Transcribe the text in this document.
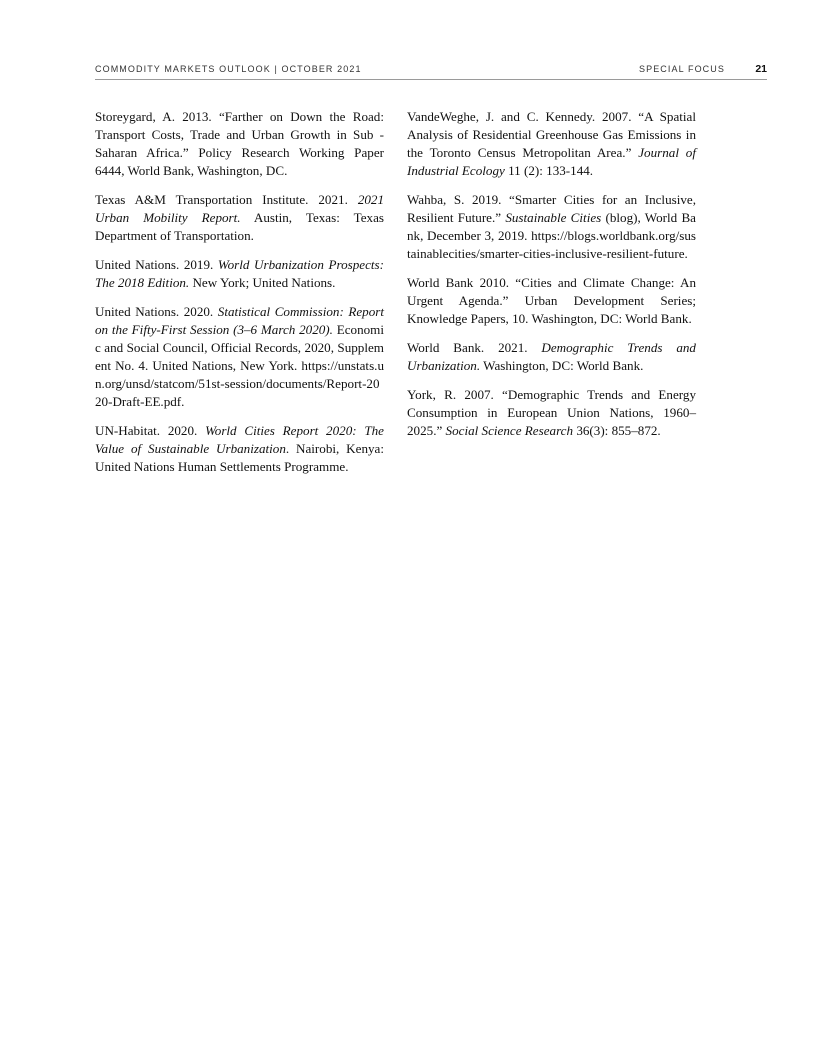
COMMODITY MARKETS OUTLOOK | OCTOBER 2021	SPECIAL FOCUS	21

Storeygard, A. 2013. “Farther on Down the Road: Transport Costs, Trade and Urban Growth in Sub -Saharan Africa.” Policy Research Working Paper 6444, World Bank, Washington, DC.

Texas A&M Transportation Institute. 2021. 2021 Urban Mobility Report. Austin, Texas: Texas Department of Transportation.

United Nations. 2019. World Urbanization Prospects: The 2018 Edition. New York; United Nations.

United Nations. 2020. Statistical Commission: Report on the Fifty-First Session (3–6 March 2020). Economic and Social Council, Official Records, 2020, Supplement No. 4. United Nations, New York. https://unstats.un.org/unsd/statcom/51st-session/documents/Report-2020-Draft-EE.pdf.

UN-Habitat. 2020. World Cities Report 2020: The Value of Sustainable Urbanization. Nairobi, Kenya: United Nations Human Settlements Programme.

VandeWeghe, J. and C. Kennedy. 2007. “A Spatial Analysis of Residential Greenhouse Gas Emissions in the Toronto Census Metropolitan Area.” Journal of Industrial Ecology 11 (2): 133-144.

Wahba, S. 2019. “Smarter Cities for an Inclusive, Resilient Future.” Sustainable Cities (blog), World Bank, December 3, 2019. https://blogs.worldbank.org/sustainablecities/smarter-cities-inclusive-resilient-future.

World Bank 2010. “Cities and Climate Change: An Urgent Agenda.” Urban Development Series; Knowledge Papers, 10. Washington, DC: World Bank.

World Bank. 2021. Demographic Trends and Urbanization. Washington, DC: World Bank.

York, R. 2007. “Demographic Trends and Energy Consumption in European Union Nations, 1960–2025.” Social Science Research 36(3): 855–872.
